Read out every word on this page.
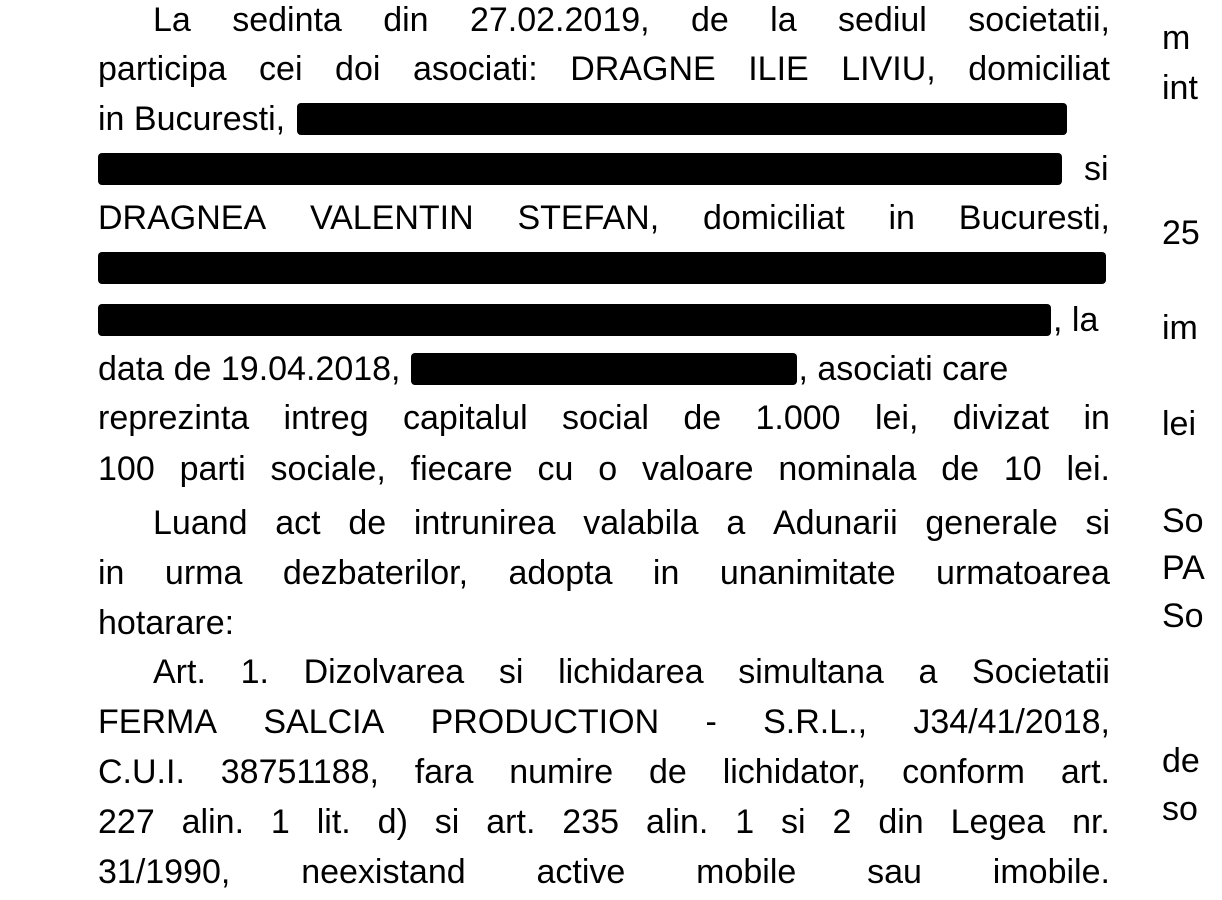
La sedinta din 27.02.2019, de la sediul societatii,
participa cei doi asociati: DRAGNE ILIE LIVIU, domiciliat
in Bucuresti,
si
DRAGNEA VALENTIN STEFAN, domiciliat in Bucuresti,
, la
data de 19.04.2018,	, asociati care
reprezinta intreg capitalul social de 1.000 lei, divizat in
100 parti sociale, fiecare cu o valoare nominala de 10 lei.
Luand act de intrunirea valabila a Adunarii generale si
in urma dezbaterilor, adopta in unanimitate urmatoarea
hotarare:
Art. 1. Dizolvarea si lichidarea simultana a Societatii
FERMA SALCIA PRODUCTION - S.R.L., J34/41/2018,
C.U.I. 38751188, fara numire de lichidator, conform art.
227 alin. 1 lit. d) si art. 235 alin. 1 si 2 din Legea nr.
31/1990, neexistand active mobile sau imobile.
m
int
25
im
lei
So
PA
So
de
so
